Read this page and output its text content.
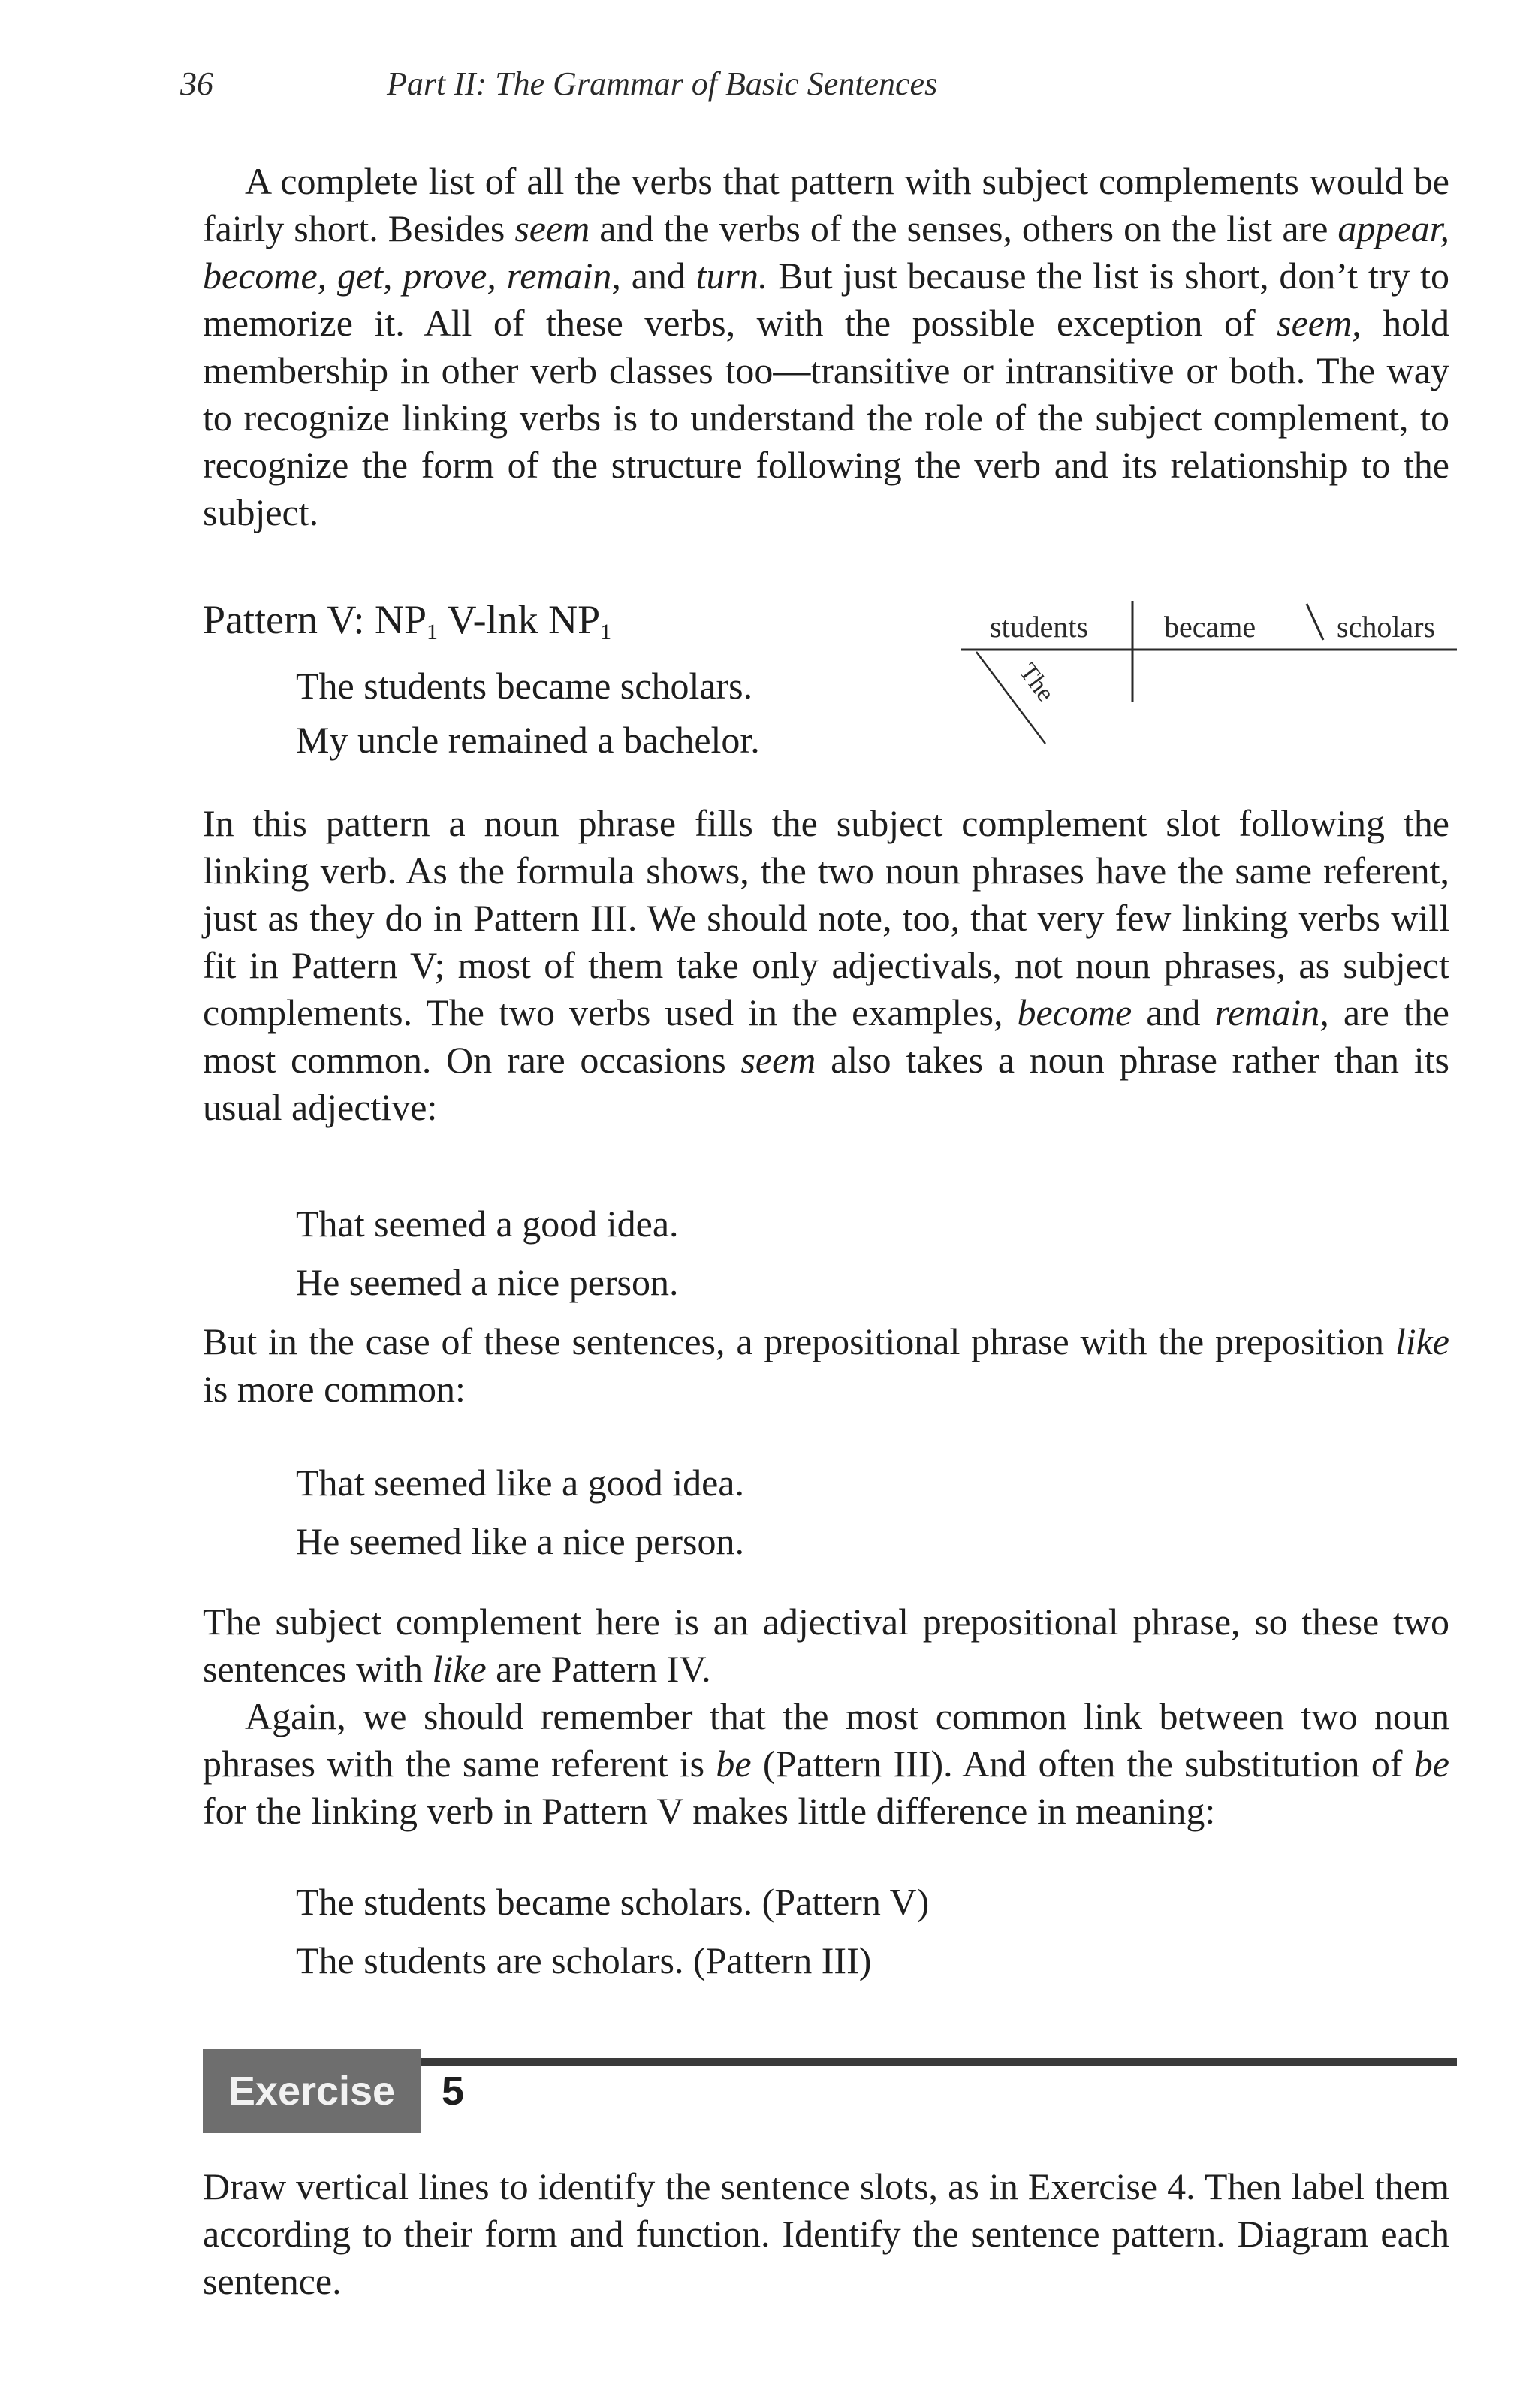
36	Part II: The Grammar of Basic Sentences

A complete list of all the verbs that pattern with subject complements would be fairly short. Besides seem and the verbs of the senses, others on the list are appear, become, get, prove, remain, and turn. But just because the list is short, don’t try to memorize it. All of these verbs, with the possible exception of seem, hold membership in other verb classes too—transitive or intransitive or both. The way to recognize linking verbs is to understand the role of the subject complement, to recognize the form of the structure following the verb and its relationship to the subject.

Pattern V: $NP_1$ V-lnk $NP_1$
The students became scholars.
My uncle remained a bachelor.
students	became	scholars
The

In this pattern a noun phrase fills the subject complement slot following the linking verb. As the formula shows, the two noun phrases have the same referent, just as they do in Pattern III. We should note, too, that very few linking verbs will fit in Pattern V; most of them take only adjectivals, not noun phrases, as subject complements. The two verbs used in the examples, become and remain, are the most common. On rare occasions seem also takes a noun phrase rather than its usual adjective:

That seemed a good idea.
He seemed a nice person.

But in the case of these sentences, a prepositional phrase with the preposition like is more common:

That seemed like a good idea.
He seemed like a nice person.

The subject complement here is an adjectival prepositional phrase, so these two sentences with like are Pattern IV.

Again, we should remember that the most common link between two noun phrases with the same referent is be (Pattern III). And often the substitution of be for the linking verb in Pattern V makes little difference in meaning:

The students became scholars. (Pattern V)
The students are scholars. (Pattern III)
Exercise	5

Draw vertical lines to identify the sentence slots, as in Exercise 4. Then label them according to their form and function. Identify the sentence pattern. Diagram each sentence.
